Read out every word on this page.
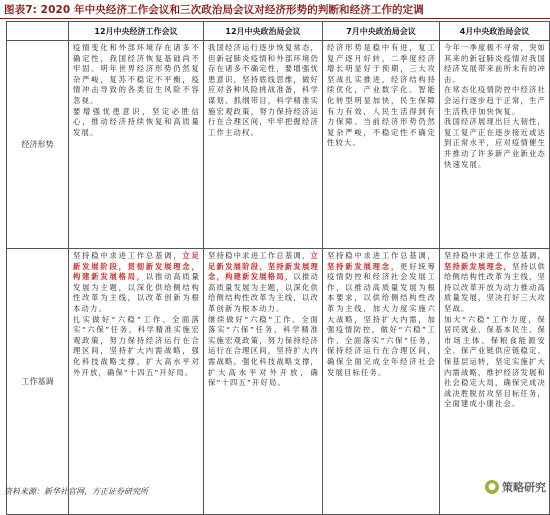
图表7: 2020 年中央经济工作会议和三次政治局会议对经济形势的判断和经济工作的定调
	12月中央经济工作会议	12月中央政治局会议	7月中央政治局会议	4月中央政治局会议
经济形势	疫情变化和外部环境存在诸多不确定性，我国经济恢复基础尚不牢固。明年世界经济形势仍然复杂严峻，复苏不稳定不平衡，疫情冲击导致的各类衍生风险不容忽视。
要增强忧患意识，坚定必胜信心，推动经济持续恢复和高质量发展。	我国经济运行逐步恢复常态，但新冠肺炎疫情和外部环境仍存在诸多不确定性，要增强忧患意识，坚持底线思维，做好应对各种风险挑战准备，科学谋划、抓纲带目，科学精准实施宏观政策，努力保持经济运行在合理区间，牢牢把握经济工作主动权。	经济形势是稳中有进，复工复产逐月好转，二季度经济增长明显好于预期，三大攻坚战扎实推进，经济结构持续优化，产业数字化、智能化转型明显加快，民生保障有力有效，人民生活得到有力保障。当前经济形势仍然复杂严峻，不稳定性不确定性较大。	今年一季度极不寻常，突如其来的新冠肺炎疫情对我国经济发展带来前所未有的冲击。
在常态化疫情防控中经济社会运行逐步趋于正常，生产生活秩序加快恢复。
我国经济展现出巨大韧性，复工复产正在逐步接近或达到正常水平，应对疫情催生并推动了许多新产业新业态快速发展。

工作基调	坚持稳中求进工作总基调，立足新发展阶段，贯彻新发展理念，构建新发展格局，以推动高质量发展为主题，以深化供给侧结构性改革为主线，以改革创新为根本动力。
扎实做好“六稳”工作、全面落实“六保”任务，科学精准实施宏观政策，努力保持经济运行在合理区间，坚持扩大内需战略，强化科技战略支撑，扩大高水平对外开放，确保“十四五”开好局。	坚持稳中求进工作总基调，立足新发展阶段，坚持新发展理念，构建新发展格局，以推动高质量发展为主题，以深化供给侧结构性改革为主线，以改革创新为根本动力。
继续做好“六稳”工作、全面落实“六保”任务，科学精准实施宏观政策，努力保持经济运行在合理区间，坚持扩大内需战略，强化科技战略支撑，扩大高水平对外开放，确保“十四五”开好局。	坚持稳中求进工作总基调，坚持新发展理念，更好统筹疫情防控和经济社会发展工作，以推动高质量发展为根本要求，以供给侧结构性改革为主线，加大力度实施六大战略，坚持扩大内需，加强疫情防控，做好“六稳”工作、全面落实“六保”任务，保持经济运行在合理区间，确保全面完成全年经济社会发展目标任务。	坚持稳中求进工作总基调，坚持新发展理念，坚持以供给侧结构性改革为主线，坚持以改革开放为动力推动高质量发展，坚决打好三大攻坚战。
加大“六稳”工作力度，保居民就业、保基本民生、保市场主体、保粮食能源安全、保产业链供应链稳定、保基层运转，坚定实施扩大内需战略，维护经济发展和社会稳定大局，确保完成决战决胜脱贫攻坚目标任务，全面建成小康社会。
资料来源：新华社官网、方正证券研究所	● 策略研究
